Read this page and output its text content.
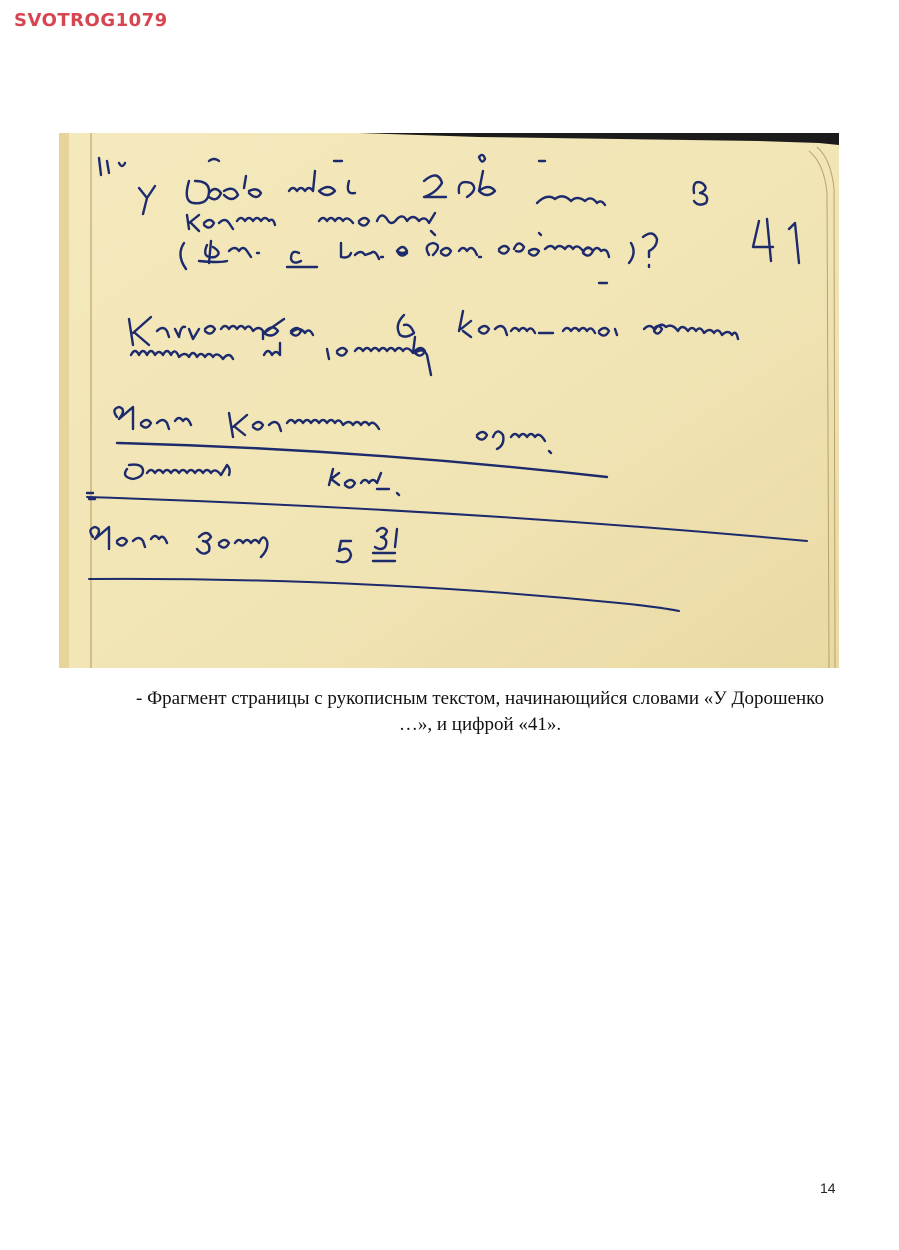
SVOTROG1079
- Фрагмент страницы с рукописным текстом, начинающийся словами «У Дорошенко …», и цифрой «41».
14
